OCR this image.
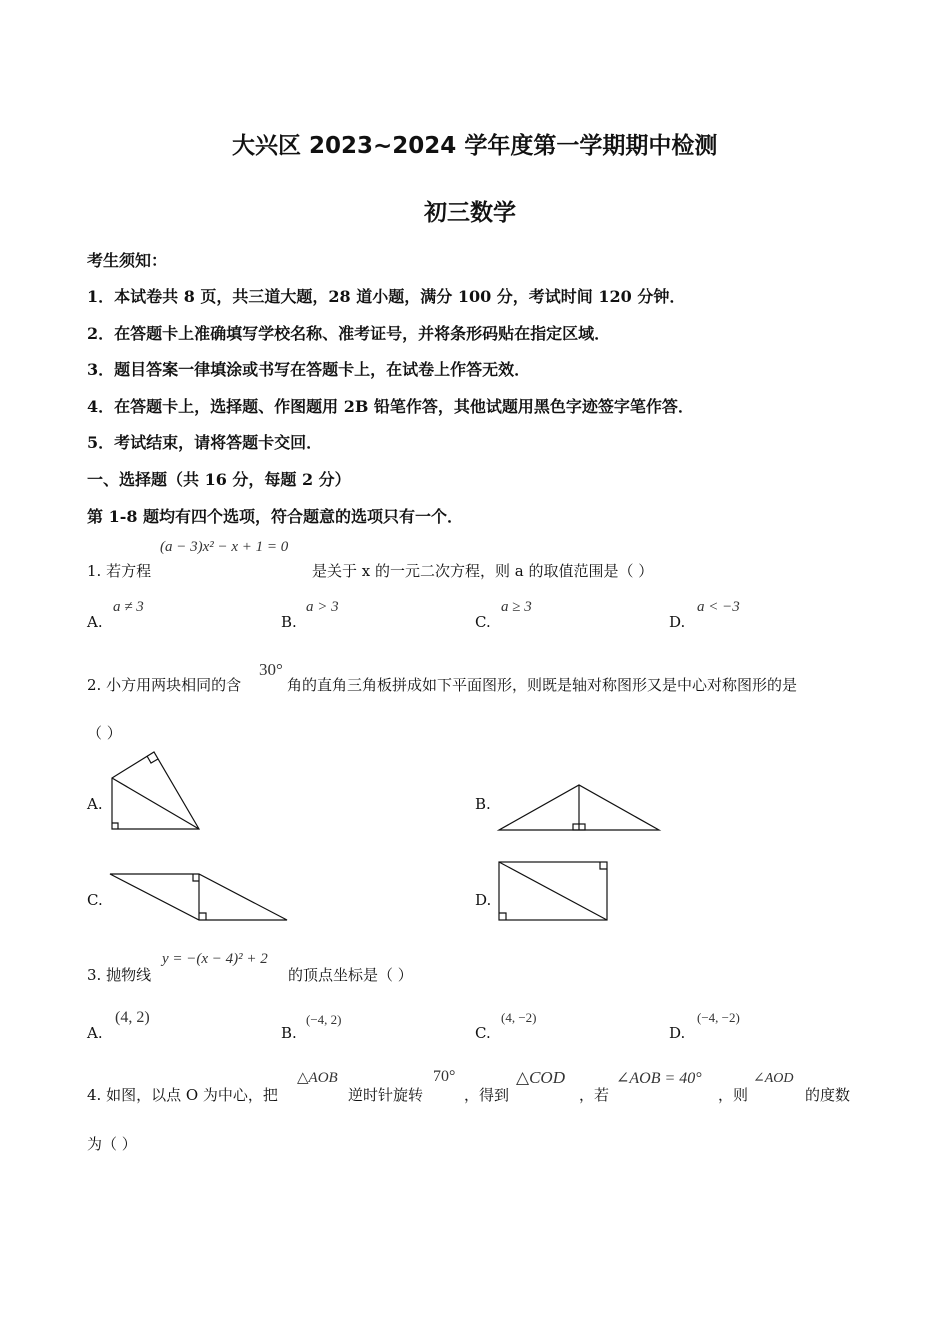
大兴区 2023~2024 学年度第一学期期中检测
初三数学
考生须知：
1．本试卷共 8 页，共三道大题，28 道小题，满分 100 分，考试时间 120 分钟．
2．在答题卡上准确填写学校名称、准考证号，并将条形码贴在指定区域．
3．题目答案一律填涂或书写在答题卡上，在试卷上作答无效．
4．在答题卡上，选择题、作图题用 2B 铅笔作答，其他试题用黑色字迹签字笔作答．
5．考试结束，请将答题卡交回．
一、选择题（共 16 分，每题 2 分）
第 1-8 题均有四个选项，符合题意的选项只有一个．
1. 若方程
(a − 3)x² − x + 1 = 0
是关于 x 的一元二次方程，则 a 的取值范围是（ ）
A.
a ≠ 3
B.
a > 3
C.
a ≥ 3
D.
a < −3
2. 小方用两块相同的含
30°
角的直角三角板拼成如下平面图形，则既是轴对称图形又是中心对称图形的是
（ ）
A.	B.
C.	D.
3. 抛物线
y = −(x − 4)² + 2
的顶点坐标是（ ）
A.
(4, 2)
B.
(−4, 2)
C.
(4, −2)
D.
(−4, −2)
4. 如图，以点 O 为中心，把
△AOB
逆时针旋转
70°
，得到
△COD
，若
∠AOB = 40°
，则
∠AOD
的度数
为（ ）
